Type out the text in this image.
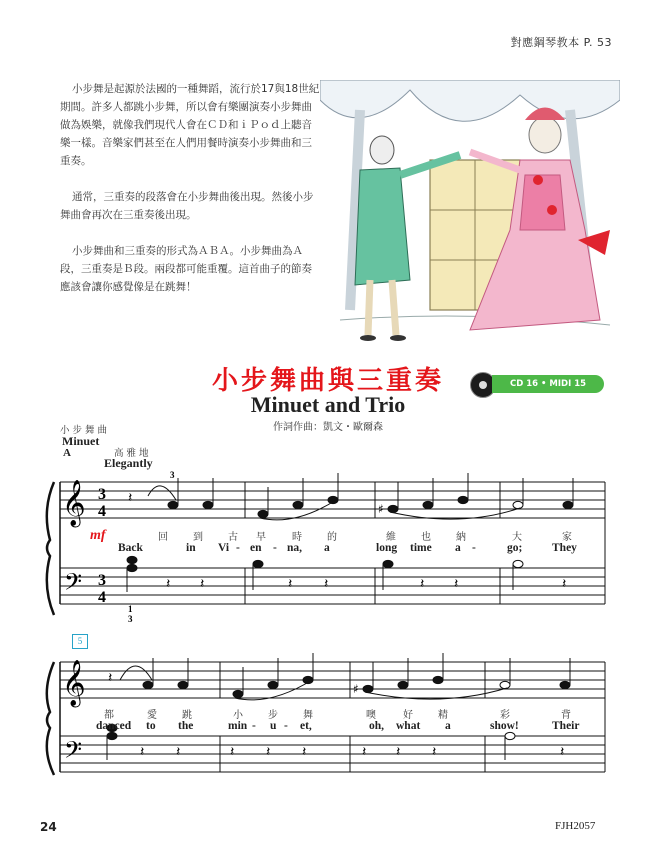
對應鋼琴教本 P. 53

小步舞是起源於法國的一種舞蹈，流行於17與18世紀期間。許多人都跳小步舞，所以會有樂團演奏小步舞曲做為娛樂，就像我們現代人會在ＣＤ和ｉＰｏｄ上聽音樂一樣。音樂家們甚至在人們用餐時演奏小步舞曲和三重奏。

通常，三重奏的段落會在小步舞曲後出現。然後小步舞曲會再次在三重奏後出現。

小步舞曲和三重奏的形式為ＡＢＡ。小步舞曲為Ａ段，三重奏是Ｂ段。兩段都可能重覆。這首曲子的節奏應該會讓你感覺像是在跳舞！

小步舞曲與三重奏
Minuet and Trio
作詞作曲：凱文・歐爾森
CD 16 • MIDI 15
小 步 舞 曲
Minuet
A	高 雅 地
Elegantly
𝄞
𝄢
3
4
3
4
𝄽
♯
3
𝄽 𝄽	𝄽 𝄽	𝄽 𝄽	𝄽
1
3
mf	回	到	古 早	時	的	維	也	納	大	家
Back	in Vi - en - na, a	long time a -	go;	They
5
𝄞
𝄢
𝄽
♯
𝄽 𝄽	𝄽 𝄽 𝄽	𝄽 𝄽 𝄽	𝄽
都	愛	跳	小	步	舞	噢	好	精	彩	背
danced to the	min - u - et,	oh, what a	show!	Their
24	FJH2057
